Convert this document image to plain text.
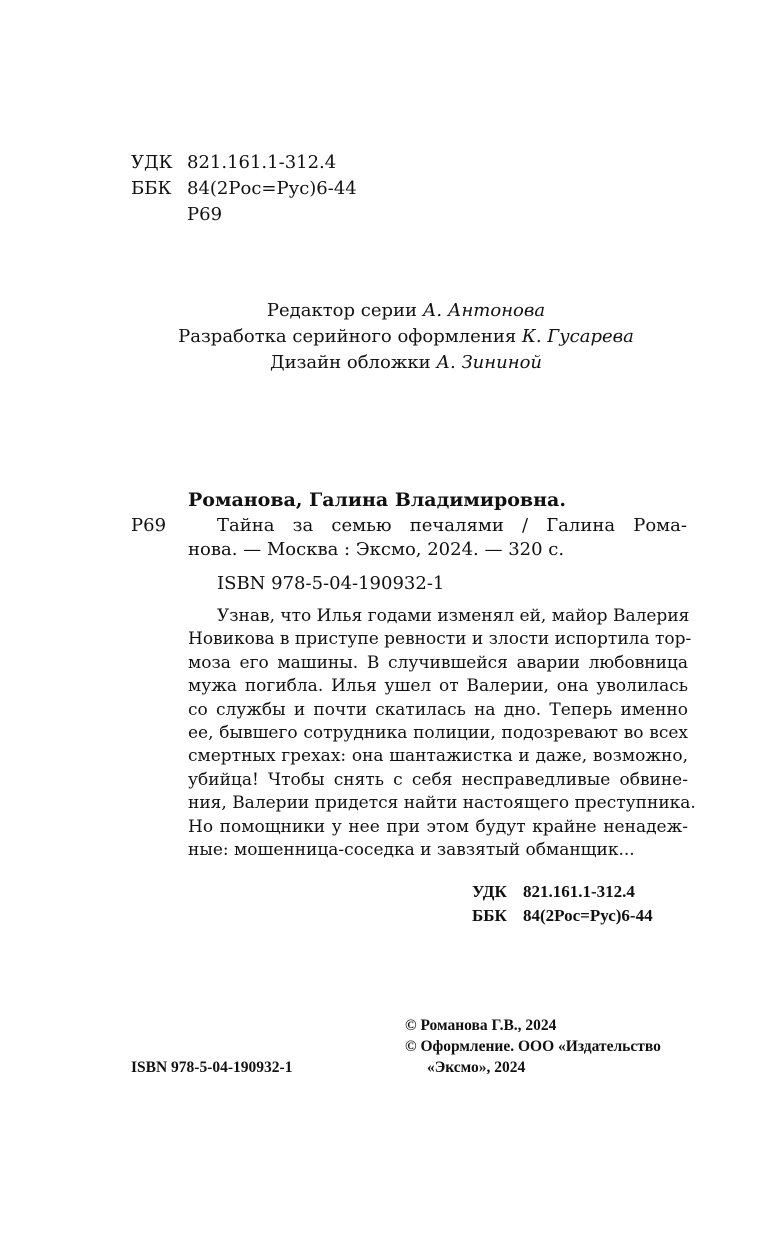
УДК 821.161.1-312.4
ББК 84(2Рос=Рус)6-44
Р69
Редактор серии А. Антонова
Разработка серийного оформления К. Гусарева
Дизайн обложки А. Зининой
Романова, Галина Владимировна.
Р69	Тайна за семью печалями / Галина Рома-
нова. — Москва : Эксмо, 2024. — 320 с.
ISBN 978-5-04-190932-1
Узнав, что Илья годами изменял ей, майор Валерия
Новикова в приступе ревности и злости испортила тор-
моза его машины. В случившейся аварии любовница
мужа погибла. Илья ушел от Валерии, она уволилась
со службы и почти скатилась на дно. Теперь именно
ее, бывшего сотрудника полиции, подозревают во всех
смертных грехах: она шантажистка и даже, возможно,
убийца! Чтобы снять с себя несправедливые обвине-
ния, Валерии придется найти настоящего преступника.
Но помощники у нее при этом будут крайне ненадеж-
ные: мошенница-соседка и завзятый обманщик...
УДК 821.161.1-312.4
ББК 84(2Рос=Рус)6-44
© Романова Г.В., 2024
© Оформление. ООО «Издательство
ISBN 978-5-04-190932-1	«Эксмо», 2024
